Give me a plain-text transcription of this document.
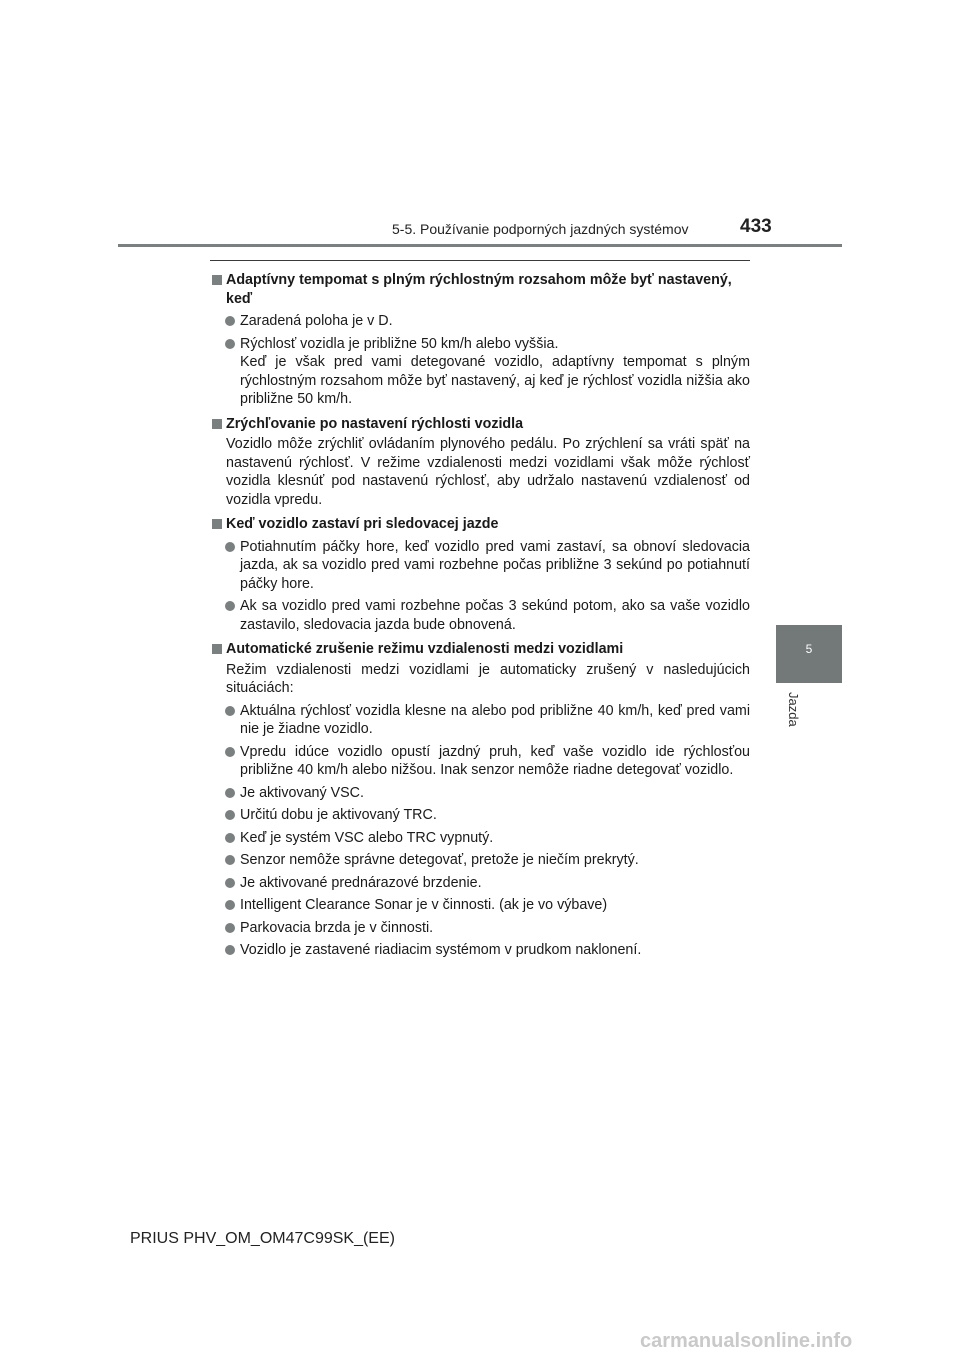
5-5. Používanie podporných jazdných systémov	433
5
Jazda
Adaptívny tempomat s plným rýchlostným rozsahom môže byť nastavený, keď

Zaradená poloha je v D.

Rýchlosť vozidla je približne 50 km/h alebo vyššia.

Keď je však pred vami detegované vozidlo, adaptívny tempomat s plným rýchlostným rozsahom môže byť nastavený, aj keď je rýchlosť vozidla nižšia ako približne 50 km/h.

Zrýchľovanie po nastavení rýchlosti vozidla
Vozidlo môže zrýchliť ovládaním plynového pedálu. Po zrýchlení sa vráti späť na nastavenú rýchlosť. V režime vzdialenosti medzi vozidlami však môže rýchlosť vozidla klesnúť pod nastavenú rýchlosť, aby udržalo nastavenú vzdialenosť od vozidla vpredu.
Keď vozidlo zastaví pri sledovacej jazde

Potiahnutím páčky hore, keď vozidlo pred vami zastaví, sa obnoví sledovacia jazda, ak sa vozidlo pred vami rozbehne počas približne 3 sekúnd po potiahnutí páčky hore.

Ak sa vozidlo pred vami rozbehne počas 3 sekúnd potom, ako sa vaše vozidlo zastavilo, sledovacia jazda bude obnovená.

Automatické zrušenie režimu vzdialenosti medzi vozidlami
Režim vzdialenosti medzi vozidlami je automaticky zrušený v nasledujúcich situáciách:

Aktuálna rýchlosť vozidla klesne na alebo pod približne 40 km/h, keď pred vami nie je žiadne vozidlo.

Vpredu idúce vozidlo opustí jazdný pruh, keď vaše vozidlo ide rýchlosťou približne 40 km/h alebo nižšou. Inak senzor nemôže riadne detegovať vozidlo.

Je aktivovaný VSC.

Určitú dobu je aktivovaný TRC.

Keď je systém VSC alebo TRC vypnutý.

Senzor nemôže správne detegovať, pretože je niečím prekrytý.

Je aktivované prednárazové brzdenie.

Intelligent Clearance Sonar je v činnosti. (ak je vo výbave)

Parkovacia brzda je v činnosti.

Vozidlo je zastavené riadiacim systémom v prudkom naklonení.

PRIUS PHV_OM_OM47C99SK_(EE)
carmanualsonline.info
